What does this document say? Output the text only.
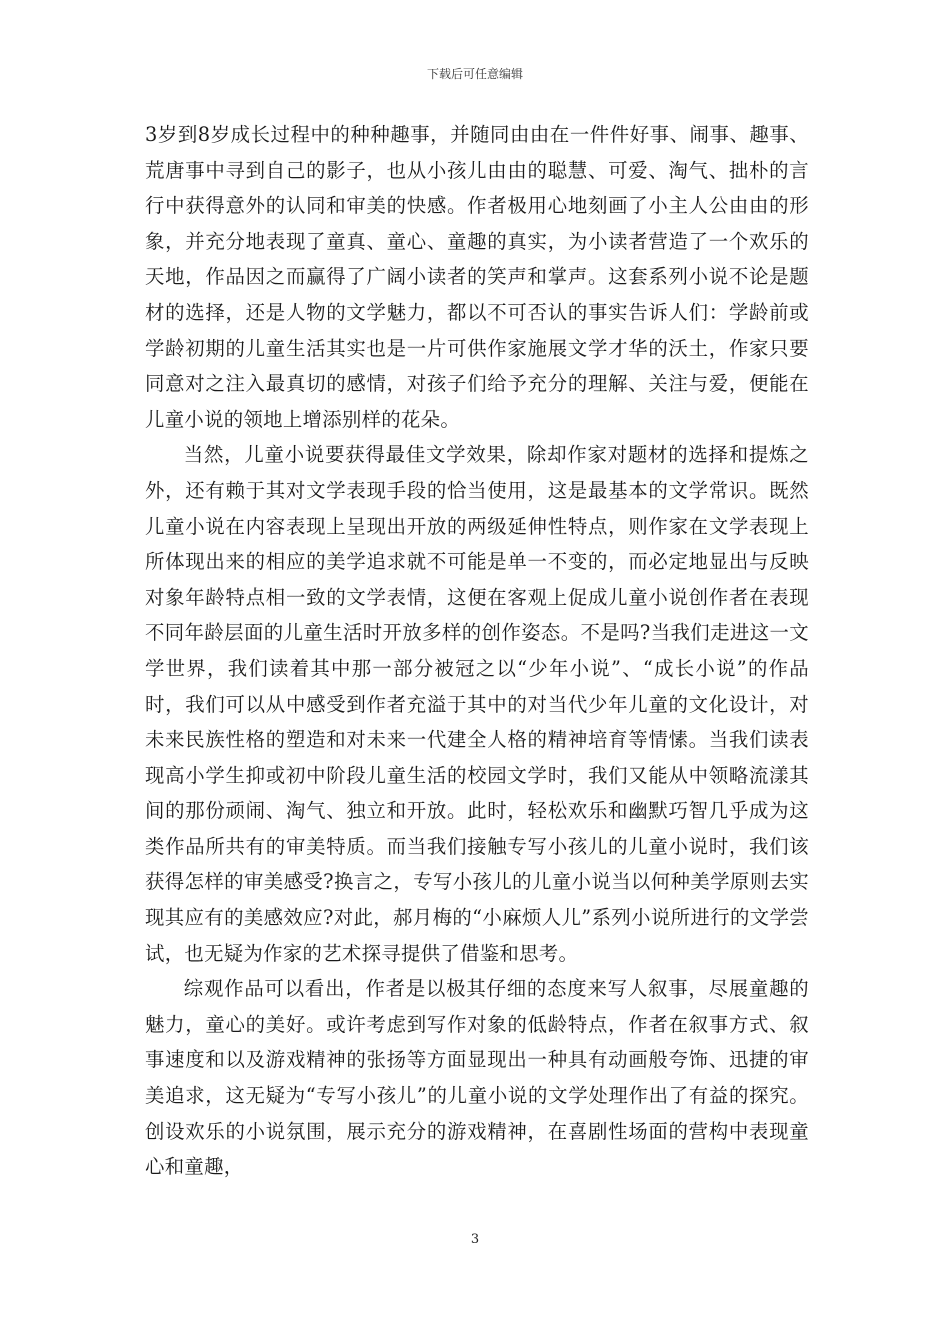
下载后可任意编辑

3岁到8岁成长过程中的种种趣事，并随同由由在一件件好事、闹事、趣事、荒唐事中寻到自己的影子，也从小孩儿由由的聪慧、可爱、淘气、拙朴的言行中获得意外的认同和审美的快感。作者极用心地刻画了小主人公由由的形象，并充分地表现了童真、童心、童趣的真实，为小读者营造了一个欢乐的天地，作品因之而赢得了广阔小读者的笑声和掌声。这套系列小说不论是题材的选择，还是人物的文学魅力，都以不可否认的事实告诉人们：学龄前或学龄初期的儿童生活其实也是一片可供作家施展文学才华的沃土，作家只要同意对之注入最真切的感情，对孩子们给予充分的理解、关注与爱，便能在儿童小说的领地上增添别样的花朵。

当然，儿童小说要获得最佳文学效果，除却作家对题材的选择和提炼之外，还有赖于其对文学表现手段的恰当使用，这是最基本的文学常识。既然儿童小说在内容表现上呈现出开放的两级延伸性特点，则作家在文学表现上所体现出来的相应的美学追求就不可能是单一不变的，而必定地显出与反映对象年龄特点相一致的文学表情，这便在客观上促成儿童小说创作者在表现不同年龄层面的儿童生活时开放多样的创作姿态。不是吗?当我们走进这一文学世界，我们读着其中那一部分被冠之以“少年小说”、“成长小说”的作品时，我们可以从中感受到作者充溢于其中的对当代少年儿童的文化设计，对未来民族性格的塑造和对未来一代建全人格的精神培育等情愫。当我们读表现高小学生抑或初中阶段儿童生活的校园文学时，我们又能从中领略流漾其间的那份顽闹、淘气、独立和开放。此时，轻松欢乐和幽默巧智几乎成为这类作品所共有的审美特质。而当我们接触专写小孩儿的儿童小说时，我们该获得怎样的审美感受?换言之，专写小孩儿的儿童小说当以何种美学原则去实现其应有的美感效应?对此，郝月梅的“小麻烦人儿”系列小说所进行的文学尝试，也无疑为作家的艺术探寻提供了借鉴和思考。

综观作品可以看出，作者是以极其仔细的态度来写人叙事，尽展童趣的魅力，童心的美好。或许考虑到写作对象的低龄特点，作者在叙事方式、叙事速度和以及游戏精神的张扬等方面显现出一种具有动画般夸饰、迅捷的审美追求，这无疑为“专写小孩儿”的儿童小说的文学处理作出了有益的探究。创设欢乐的小说氛围，展示充分的游戏精神，在喜剧性场面的营构中表现童心和童趣，

3
